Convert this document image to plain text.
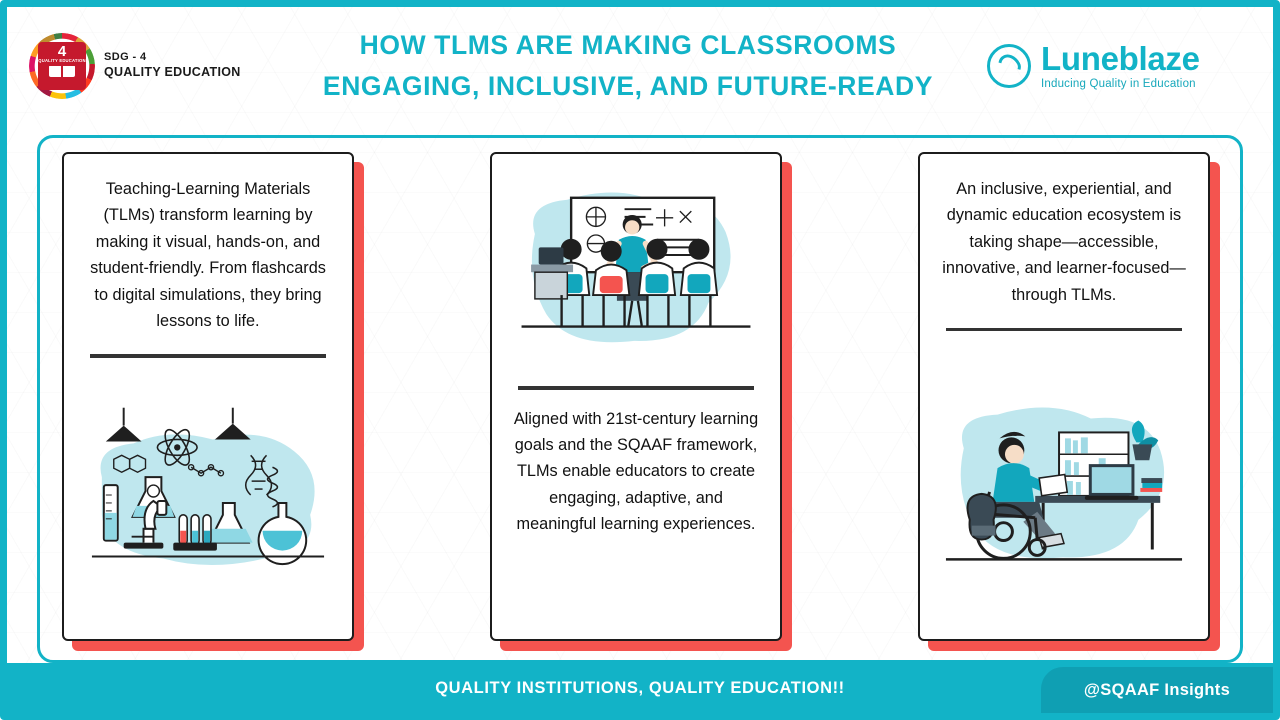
4
QUALITY EDUCATION SDG - 4
QUALITY EDUCATION
HOW TLMS ARE MAKING CLASSROOMS
ENGAGING, INCLUSIVE, AND FUTURE-READY
Luneblaze
Inducing Quality in Education

Teaching-Learning Materials (TLMs) transform learning by making it visual, hands-on, and student-friendly. From flashcards to digital simulations, they bring lessons to life.

Aligned with 21st-century learning goals and the SQAAF framework, TLMs enable educators to create engaging, adaptive, and meaningful learning experiences.

An inclusive, experiential, and dynamic education ecosystem is taking shape—accessible, innovative, and learner-focused—through TLMs.

QUALITY INSTITUTIONS, QUALITY EDUCATION!!	@SQAAF Insights
